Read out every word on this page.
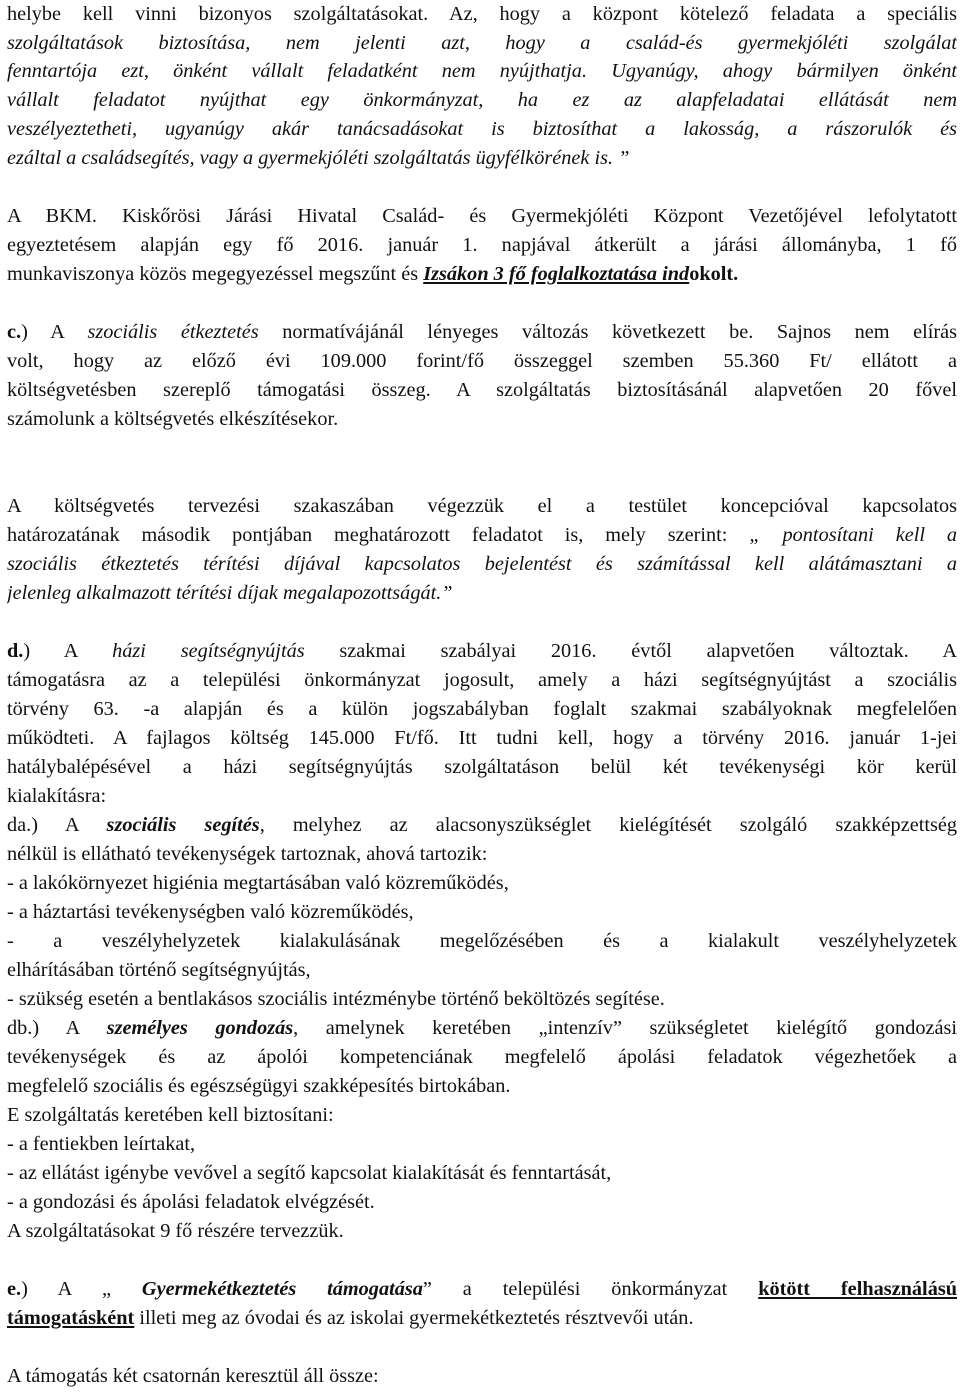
helybe kell vinni bizonyos szolgáltatásokat. Az, hogy a központ kötelező feladata a speciális

szolgáltatások biztosítása, nem jelenti azt, hogy a család-és gyermekjóléti szolgálat

fenntartója ezt, önként vállalt feladatként nem nyújthatja. Ugyanúgy, ahogy bármilyen önként

vállalt feladatot nyújthat egy önkormányzat, ha ez az alapfeladatai ellátását nem

veszélyeztetheti, ugyanúgy akár tanácsadásokat is biztosíthat a lakosság, a rászorulók és

ezáltal a családsegítés, vagy a gyermekjóléti szolgáltatás ügyfélkörének is. ”

A BKM. Kiskőrösi Járási Hivatal Család- és Gyermekjóléti Központ Vezetőjével lefolytatott

egyeztetésem alapján egy fő 2016. január 1. napjával átkerült a járási állományba, 1 fő

munkaviszonya közös megegyezéssel megszűnt és Izsákon 3 fő foglalkoztatása indokolt.

c.) A szociális étkeztetés normatívájánál lényeges változás következett be. Sajnos nem elírás

volt, hogy az előző évi 109.000 forint/fő összeggel szemben 55.360 Ft/ ellátott a

költségvetésben szereplő támogatási összeg. A szolgáltatás biztosításánál alapvetően 20 fővel

számolunk a költségvetés elkészítésekor.

A költségvetés tervezési szakaszában végezzük el a testület koncepcióval kapcsolatos

határozatának második pontjában meghatározott feladatot is, mely szerint: „ pontosítani kell a

szociális étkeztetés térítési díjával kapcsolatos bejelentést és számítással kell alátámasztani a

jelenleg alkalmazott térítési díjak megalapozottságát.”

d.) A házi segítségnyújtás szakmai szabályai 2016. évtől alapvetően változtak. A

támogatásra az a települési önkormányzat jogosult, amely a házi segítségnyújtást a szociális

törvény 63. -a alapján és a külön jogszabályban foglalt szakmai szabályoknak megfelelően

működteti. A fajlagos költség 145.000 Ft/fő. Itt tudni kell, hogy a törvény 2016. január 1-jei

hatálybalépésével a házi segítségnyújtás szolgáltatáson belül két tevékenységi kör kerül

kialakításra:

da.) A szociális segítés, melyhez az alacsonyszükséglet kielégítését szolgáló szakképzettség

nélkül is ellátható tevékenységek tartoznak, ahová tartozik:

- a lakókörnyezet higiénia megtartásában való közreműködés,

- a háztartási tevékenységben való közreműködés,

- a veszélyhelyzetek kialakulásának megelőzésében és a kialakult veszélyhelyzetek

elhárításában történő segítségnyújtás,

- szükség esetén a bentlakásos szociális intézménybe történő beköltözés segítése.

db.) A személyes gondozás, amelynek keretében „intenzív” szükségletet kielégítő gondozási

tevékenységek és az ápolói kompetenciának megfelelő ápolási feladatok végezhetőek a

megfelelő szociális és egészségügyi szakképesítés birtokában.

E szolgáltatás keretében kell biztosítani:

- a fentiekben leírtakat,

- az ellátást igénybe vevővel a segítő kapcsolat kialakítását és fenntartását,

- a gondozási és ápolási feladatok elvégzését.

A szolgáltatásokat 9 fő részére tervezzük.

e.) A „ Gyermekétkeztetés támogatása” a települési önkormányzat kötött felhasználású

támogatásként illeti meg az óvodai és az iskolai gyermekétkeztetés résztvevői után.

A támogatás két csatornán keresztül áll össze:
